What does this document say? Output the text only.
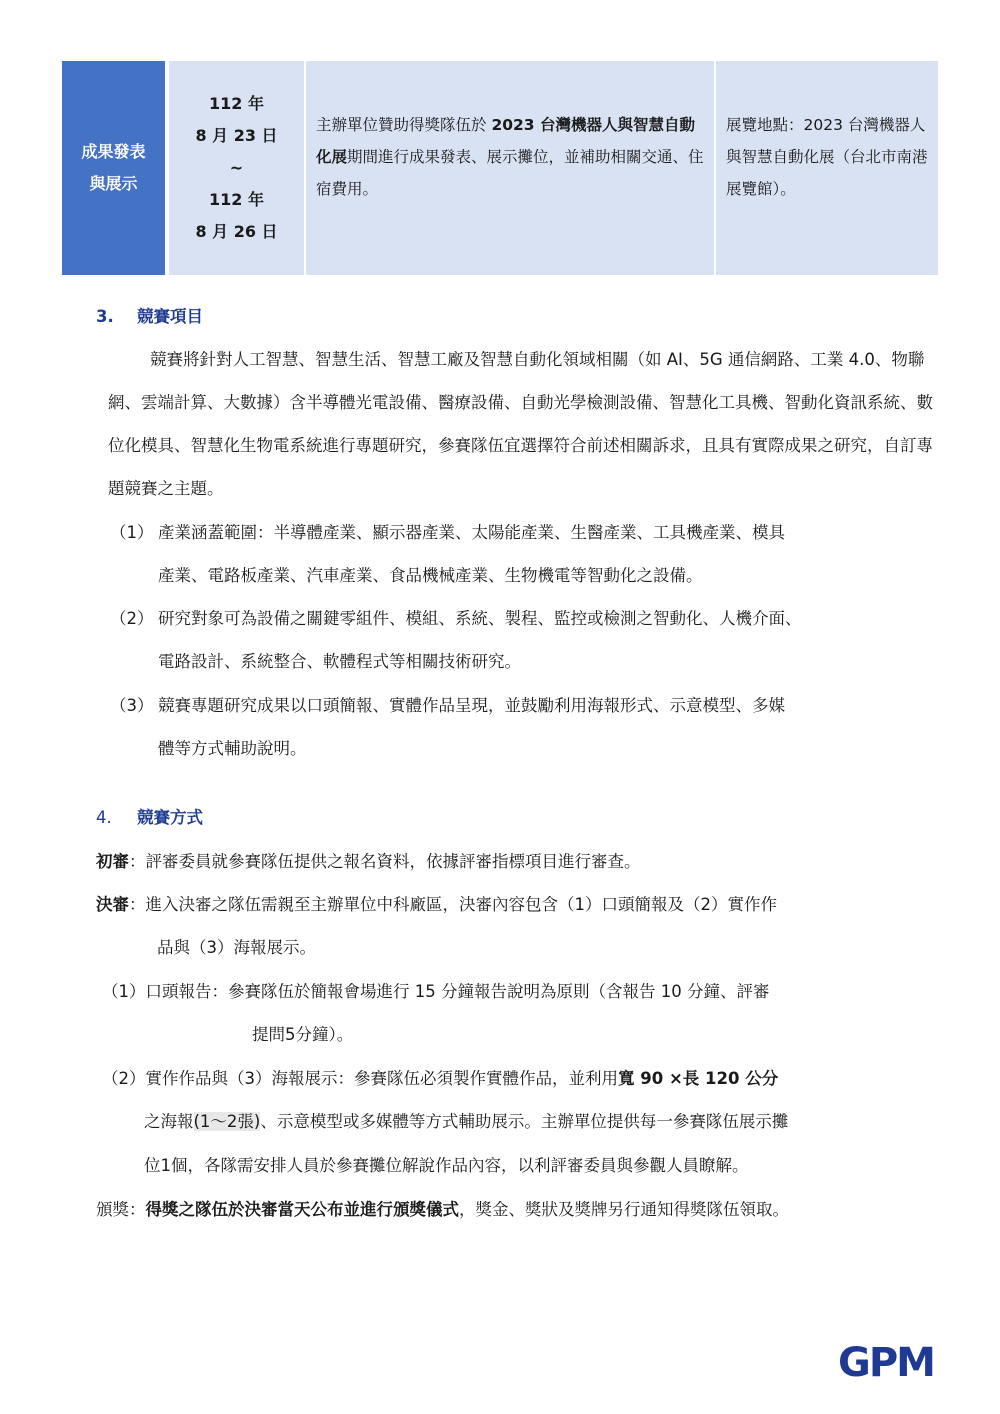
成果發表
與展示
112 年
8 月 23 日
~
112 年
8 月 26 日
主辦單位贊助得獎隊伍於 2023 台灣機器人與智慧自動化展期間進行成果發表、展示攤位，並補助相關交通、住宿費用。
展覽地點：2023 台灣機器人與智慧自動化展（台北市南港展覽館）。
3. 競賽項目
競賽將針對人工智慧、智慧生活、智慧工廠及智慧自動化領域相關（如 AI、5G 通信網路、工業 4.0、物聯網、雲端計算、大數據）含半導體光電設備、醫療設備、自動光學檢測設備、智慧化工具機、智動化資訊系統、數位化模具、智慧化生物電系統進行專題研究，參賽隊伍宜選擇符合前述相關訴求，且具有實際成果之研究，自訂專題競賽之主題。
（1） 產業涵蓋範圍：半導體產業、顯示器產業、太陽能產業、生醫產業、工具機產業、模具
產業、電路板產業、汽車產業、食品機械產業、生物機電等智動化之設備。
（2） 研究對象可為設備之關鍵零組件、模組、系統、製程、監控或檢測之智動化、人機介面、
電路設計、系統整合、軟體程式等相關技術研究。
（3） 競賽專題研究成果以口頭簡報、實體作品呈現，並鼓勵利用海報形式、示意模型、多媒
體等方式輔助說明。
4. 競賽方式
初審：評審委員就參賽隊伍提供之報名資料，依據評審指標項目進行審查。
決審：進入決審之隊伍需親至主辦單位中科廠區，決審內容包含（1）口頭簡報及（2）實作作
品與（3）海報展示。
（1）口頭報告：參賽隊伍於簡報會場進行 15 分鐘報告說明為原則（含報告 10 分鐘、評審
提問5分鐘）。
（2）實作作品與（3）海報展示：參賽隊伍必須製作實體作品，並利用寬 90 ×長 120 公分
之海報(1～2張)、示意模型或多媒體等方式輔助展示。主辦單位提供每一參賽隊伍展示攤
位1個，各隊需安排人員於參賽攤位解說作品內容，以利評審委員與參觀人員瞭解。
頒獎：得獎之隊伍於決審當天公布並進行頒獎儀式，獎金、獎狀及獎牌另行通知得獎隊伍領取。
GPM
